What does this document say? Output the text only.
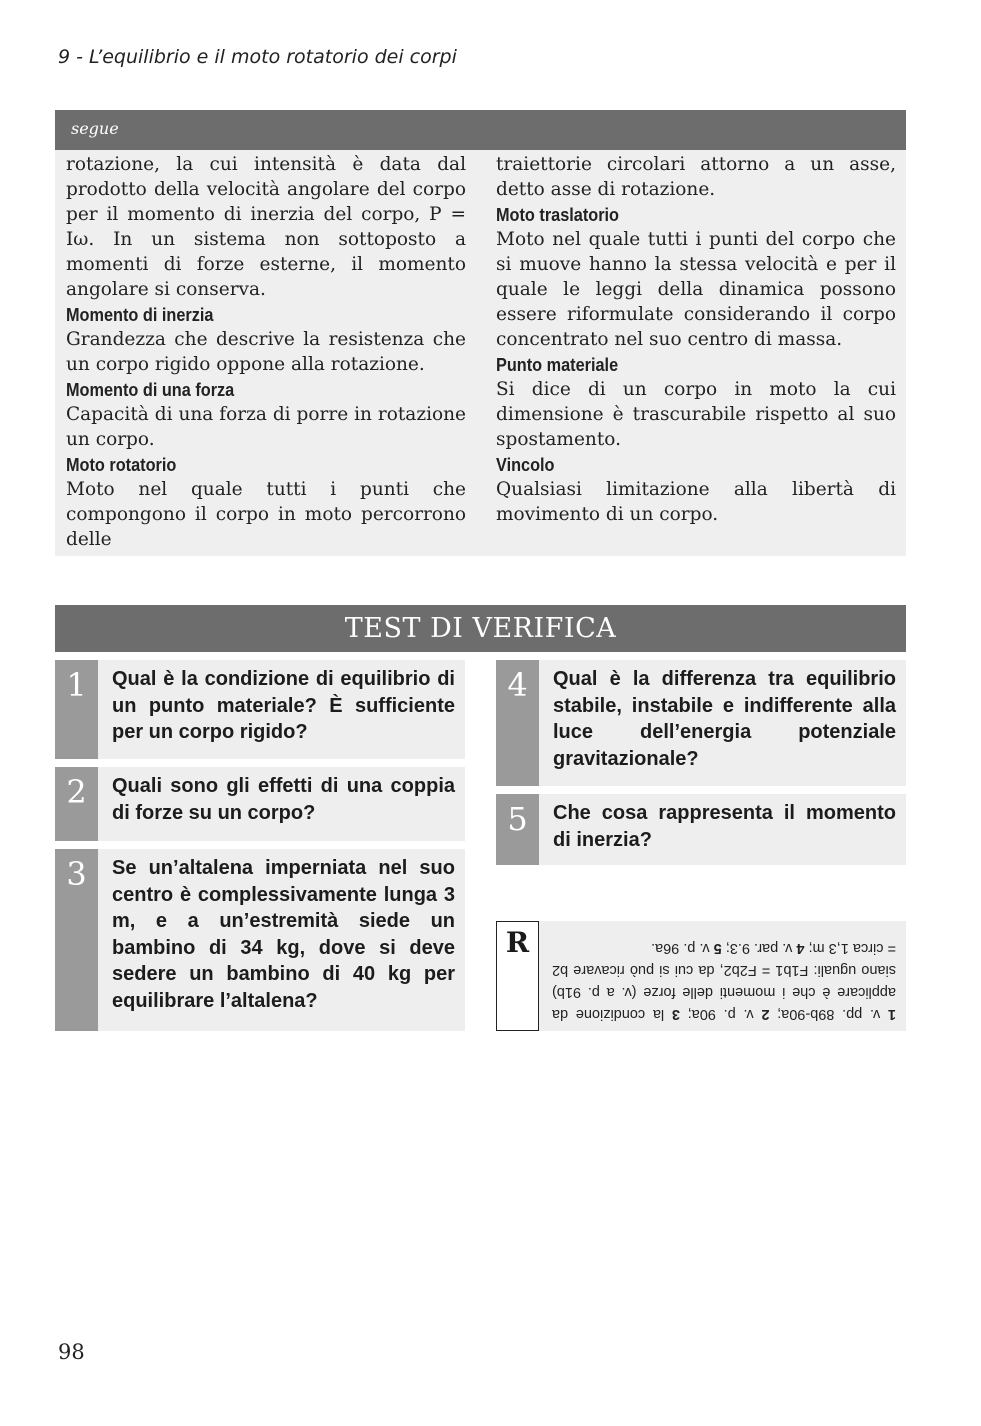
9 - L’equilibrio e il moto rotatorio dei corpi
segue
rotazione, la cui intensità è data dal prodotto della velocità angolare del corpo per il momento di inerzia del corpo, P = Iω. In un sistema non sottoposto a momenti di forze esterne, il momento angolare si conserva.
Momento di inerzia
Grandezza che descrive la resistenza che un corpo rigido oppone alla rotazione.
Momento di una forza
Capacità di una forza di porre in rotazione un corpo.
Moto rotatorio
Moto nel quale tutti i punti che compongono il corpo in moto percorrono delle
traiettorie circolari attorno a un asse, detto asse di rotazione.
Moto traslatorio
Moto nel quale tutti i punti del corpo che si muove hanno la stessa velocità e per il quale le leggi della dinamica possono essere riformulate considerando il corpo concentrato nel suo centro di massa.
Punto materiale
Si dice di un corpo in moto la cui dimensione è trascurabile rispetto al suo spostamento.
Vincolo
Qualsiasi limitazione alla libertà di movimento di un corpo.
TEST DI VERIFICA
1	Qual è la condizione di equilibrio di un punto materiale? È sufficiente per un corpo rigido?
2	Quali sono gli effetti di una coppia di forze su un corpo?
3	Se un’altalena imperniata nel suo centro è complessivamente lunga 3 m, e a un’estremità siede un bambino di 34 kg, dove si deve sedere un bambino di 40 kg per equilibrare l’altalena?
4	Qual è la differenza tra equilibrio stabile, instabile e indifferente alla luce dell’energia potenziale gravitazionale?
5	Che cosa rappresenta il momento di inerzia?
R
1 v. pp. 89b-90a; 2 v. p. 90a; 3 la condizione da applicare è che i momenti delle forze (v. a p. 91b) siano uguali: F1b1 = F2b2, da cui si può ricavare b2 = circa 1,3 m; 4 v. par. 9.3; 5 v. p. 96a.
98
